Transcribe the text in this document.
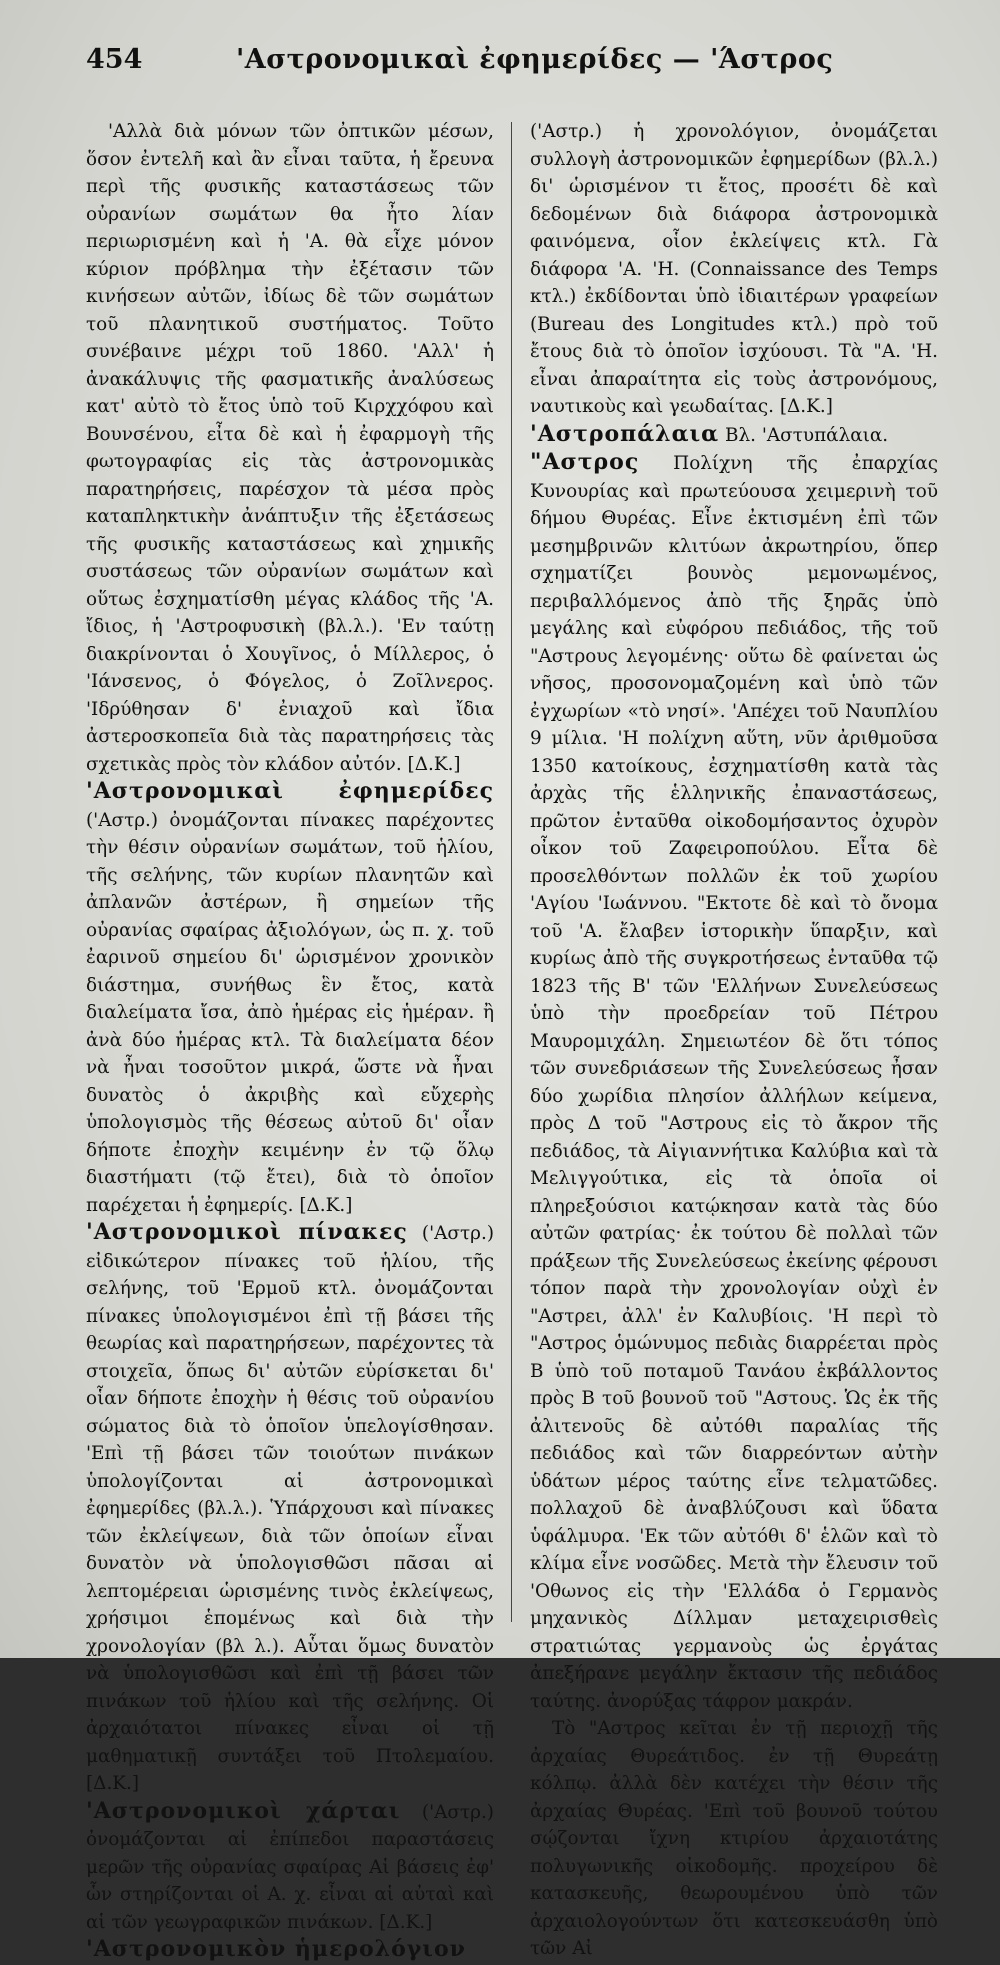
454	'Αστρονομικαὶ ἐφημερίδες — 'Άστρος

'Αλλὰ διὰ μόνων τῶν ὀπτικῶν μέσων, ὅσον ἐντελῆ καὶ ἂν εἶναι ταῦτα, ἡ ἔρευνα περὶ τῆς φυσικῆς καταστάσεως τῶν οὐρανίων σωμάτων θα ἦτο λίαν περιωρισμένη καὶ ἡ 'Α. θὰ εἶχε μόνον κύριον πρόβλημα τὴν ἐξέτασιν τῶν κινήσεων αὐτῶν, ἰδίως δὲ τῶν σωμάτων τοῦ πλανητικοῦ συστήματος. Τοῦτο συνέβαινε μέχρι τοῦ 1860. 'Αλλ' ἡ ἀνακάλυψις τῆς φασματικῆς ἀναλύσεως κατ' αὐτὸ τὸ ἔτος ὑπὸ τοῦ Κιρχχόφου καὶ Βουνσένου, εἶτα δὲ καὶ ἡ ἐφαρμογὴ τῆς φωτογραφίας εἰς τὰς ἀστρονομικὰς παρατηρήσεις, παρέσχον τὰ μέσα πρὸς καταπληκτικὴν ἀνάπτυξιν τῆς ἐξετάσεως τῆς φυσικῆς καταστάσεως καὶ χημικῆς συστάσεως τῶν οὐρανίων σωμάτων καὶ οὕτως ἐσχηματίσθη μέγας κλάδος τῆς 'Α. ἴδιος, ἡ 'Αστροφυσικὴ (βλ.λ.). 'Εν ταύτῃ διακρίνονται ὁ Χουγῖνος, ὁ Μίλλερος, ὁ 'Ιάνσενος, ὁ Φόγελος, ὁ Ζοῖλνερος. 'Ιδρύθησαν δ' ἐνιαχοῦ καὶ ἴδια ἀστεροσκοπεῖα διὰ τὰς παρατηρήσεις τὰς σχετικὰς πρὸς τὸν κλάδον αὐτόν. [Δ.Κ.]

'Αστρονομικαὶ ἐφημερίδες ('Αστρ.) ὀνομάζονται πίνακες παρέχοντες τὴν θέσιν οὐρανίων σωμάτων, τοῦ ἡλίου, τῆς σελήνης, τῶν κυρίων πλανητῶν καὶ ἀπλανῶν ἀστέρων, ἢ σημείων τῆς οὐρανίας σφαίρας ἀξιολόγων, ὡς π. χ. τοῦ ἐαρινοῦ σημείου δι' ὡρισμένον χρονικὸν διάστημα, συνήθως ἓν ἔτος, κατὰ διαλείματα ἴσα, ἀπὸ ἡμέρας εἰς ἡμέραν. ἢ ἀνὰ δύο ἡμέρας κτλ. Τὰ διαλείματα δέον νὰ ἦναι τοσοῦτον μικρά, ὥστε νὰ ἦναι δυνατὸς ὁ ἀκριβὴς καὶ εὔχερὴς ὑπολογισμὸς τῆς θέσεως αὐτοῦ δι' οἷαν δήποτε ἐποχὴν κειμένην ἐν τῷ ὅλῳ διαστήματι (τῷ ἔτει), διὰ τὸ ὁποῖον παρέχεται ἡ ἐφημερίς. [Δ.Κ.]

'Αστρονομικοὶ πίνακες ('Αστρ.) εἰδικώτερον πίνακες τοῦ ἡλίου, τῆς σελήνης, τοῦ 'Ερμοῦ κτλ. ὀνομάζονται πίνακες ὑπολογισμένοι ἐπὶ τῇ βάσει τῆς θεωρίας καὶ παρατηρήσεων, παρέχοντες τὰ στοιχεῖα, ὅπως δι' αὐτῶν εὑρίσκεται δι' οἷαν δήποτε ἐποχὴν ἡ θέσις τοῦ οὐρανίου σώματος διὰ τὸ ὁποῖον ὑπελογίσθησαν. 'Επὶ τῇ βάσει τῶν τοιούτων πινάκων ὑπολογίζονται αἱ ἀστρονομικαὶ ἐφημερίδες (βλ.λ.). Ὑπάρχουσι καὶ πίνακες τῶν ἐκλείψεων, διὰ τῶν ὁποίων εἶναι δυνατὸν νὰ ὑπολογισθῶσι πᾶσαι αἱ λεπτομέρειαι ὡρισμένης τινὸς ἐκλείψεως, χρήσιμοι ἑπομένως καὶ διὰ τὴν χρονολογίαν (βλ λ.). Αὗται ὅμως δυνατὸν νὰ ὑπολογισθῶσι καὶ ἐπὶ τῇ βάσει τῶν πινάκων τοῦ ἡλίου καὶ τῆς σελήνης. Οἱ ἀρχαιότατοι πίνακες εἶναι οἱ τῇ μαθηματικῇ συντάξει τοῦ Πτολεμαίου. [Δ.Κ.]

'Αστρονομικοὶ χάρται ('Αστρ.) ὀνομάζονται αἱ ἐπίπεδοι παραστάσεις μερῶν τῆς οὐρανίας σφαίρας Αἱ βάσεις ἐφ' ὧν στηρίζονται οἱ Α. χ. εἶναι αἱ αὐταὶ καὶ αἱ τῶν γεωγραφικῶν πινάκων. [Δ.Κ.]

'Αστρονομικὸν ἡμερολόγιον

('Αστρ.) ἡ χρονολόγιον, ὀνομάζεται συλλογὴ ἀστρονομικῶν ἐφημερίδων (βλ.λ.) δι' ὡρισμένον τι ἔτος, προσέτι δὲ καὶ δεδομένων διὰ διάφορα ἀστρονομικὰ φαινόμενα, οἷον ἐκλείψεις κτλ. Γὰ διάφορα 'Α. 'Η. (Connaissance des Temps κτλ.) ἐκδίδονται ὑπὸ ἰδιαιτέρων γραφείων (Bureau des Longitudes κτλ.) πρὸ τοῦ ἔτους διὰ τὸ ὁποῖον ἰσχύουσι. Τὰ "Α. 'Η. εἶναι ἀπαραίτητα εἰς τοὺς ἀστρονόμους, ναυτικοὺς καὶ γεωδαίτας. [Δ.Κ.]

'Αστροπάλαια Βλ. 'Αστυπάλαια.

"Αστρος Πολίχνη τῆς ἐπαρχίας Κυνουρίας καὶ πρωτεύουσα χειμερινὴ τοῦ δήμου Θυρέας. Εἶνε ἐκτισμένη ἐπὶ τῶν μεσημβρινῶν κλιτύων ἀκρωτηρίου, ὅπερ σχηματίζει βουνὸς μεμονωμένος, περιβαλλόμενος ἀπὸ τῆς ξηρᾶς ὑπὸ μεγάλης καὶ εὐφόρου πεδιάδος, τῆς τοῦ "Αστρους λεγομένης· οὕτω δὲ φαίνεται ὡς νῆσος, προσονομαζομένη καὶ ὑπὸ τῶν ἐγχωρίων «τὸ νησί». 'Απέχει τοῦ Ναυπλίου 9 μίλια. 'Η πολίχνη αὕτη, νῦν ἀριθμοῦσα 1350 κατοίκους, ἐσχηματίσθη κατὰ τὰς ἀρχὰς τῆς ἑλληνικῆς ἐπαναστάσεως, πρῶτον ἐνταῦθα οἰκοδομήσαντος ὀχυρὸν οἶκον τοῦ Ζαφειροπούλου. Εἶτα δὲ προσελθόντων πολλῶν ἐκ τοῦ χωρίου 'Αγίου 'Ιωάννου. "Εκτοτε δὲ καὶ τὸ ὄνομα τοῦ 'Α. ἔλαβεν ἱστορικὴν ὕπαρξιν, καὶ κυρίως ἀπὸ τῆς συγκροτήσεως ἐνταῦθα τῷ 1823 τῆς Β' τῶν 'Ελλήνων Συνελεύσεως ὑπὸ τὴν προεδρείαν τοῦ Πέτρου Μαυρομιχάλη. Σημειωτέον δὲ ὅτι τόπος τῶν συνεδριάσεων τῆς Συνελεύσεως ἦσαν δύο χωρίδια πλησίον ἀλλήλων κείμενα, πρὸς Δ τοῦ "Αστρους εἰς τὸ ἄκρον τῆς πεδιάδος, τὰ Αἰγιαννήτικα Καλύβια καὶ τὰ Μελιγγούτικα, εἰς τὰ ὁποῖα οἱ πληρεξούσιοι κατῴκησαν κατὰ τὰς δύο αὐτῶν φατρίας· ἐκ τούτου δὲ πολλαὶ τῶν πράξεων τῆς Συνελεύσεως ἐκείνης φέρουσι τόπον παρὰ τὴν χρονολογίαν οὐχὶ ἐν "Αστρει, ἀλλ' ἐν Καλυβίοις. 'Η περὶ τὸ "Αστρος ὁμώνυμος πεδιὰς διαρρέεται πρὸς Β ὑπὸ τοῦ ποταμοῦ Τανάου ἐκβάλλοντος πρὸς Β τοῦ βουνοῦ τοῦ "Αστους. Ὡς ἐκ τῆς ἀλιτενοῦς δὲ αὐτόθι παραλίας τῆς πεδιάδος καὶ τῶν διαρρεόντων αὐτὴν ὑδάτων μέρος ταύτης εἶνε τελματῶδες. πολλαχοῦ δὲ ἀναβλύζουσι καὶ ὕδατα ὑφάλμυρα. 'Εκ τῶν αὐτόθι δ' ἑλῶν καὶ τὸ κλίμα εἶνε νοσῶδες. Μετὰ τὴν ἔλευσιν τοῦ 'Οθωνος εἰς τὴν 'Ελλάδα ὁ Γερμανὸς μηχανικὸς Δίλλμαν μεταχειρισθεὶς στρατιώτας γερμανοὺς ὡς ἐργάτας ἀπεξήρανε μεγάλην ἔκτασιν τῆς πεδιάδος ταύτης. ἀνορύξας τάφρον μακράν.

Τὸ "Αστρος κεῖται ἐν τῇ περιοχῇ τῆς ἀρχαίας Θυρεάτιδος. ἐν τῇ Θυρεάτῃ κόλπῳ. ἀλλὰ δὲν κατέχει τὴν θέσιν τῆς ἀρχαίας Θυρέας. 'Επὶ τοῦ βουνοῦ τούτου σῴζονται ἴχνη κτιρίου ἀρχαιοτάτης πολυγωνικῆς οἰκοδομῆς. προχείρου δὲ κατασκευῆς, θεωρουμένου ὑπὸ τῶν ἀρχαιολογούντων ὅτι κατεσκευάσθη ὑπὸ τῶν Αἰ
